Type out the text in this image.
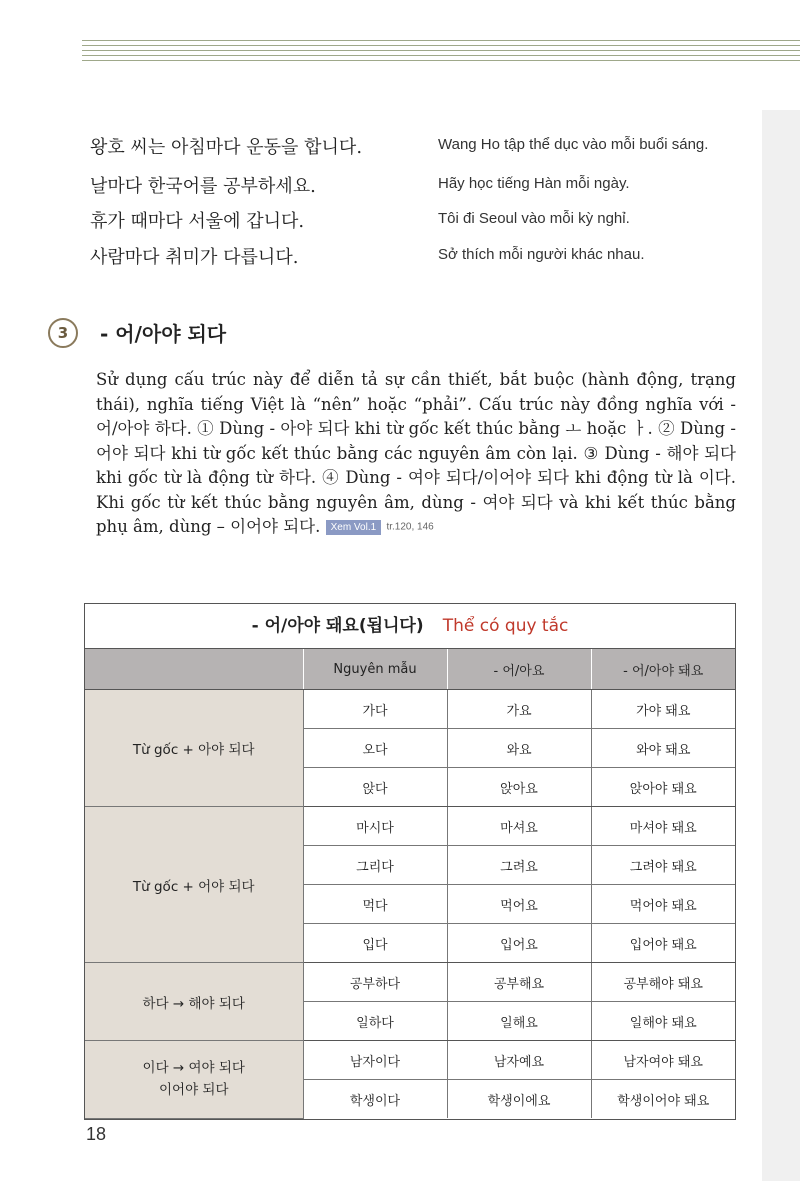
왕호 씨는 아침마다 운동을 합니다.	Wang Ho tập thể dục vào mỗi buổi sáng.
날마다 한국어를 공부하세요.	Hãy học tiếng Hàn mỗi ngày.
휴가 때마다 서울에 갑니다.	Tôi đi Seoul vào mỗi kỳ nghỉ.
사람마다 취미가 다릅니다.	Sở thích mỗi người khác nhau.
3	- 어/아야 되다
Sử dụng cấu trúc này để diễn tả sự cần thiết, bắt buộc (hành động, trạng thái), nghĩa tiếng Việt là “nên” hoặc “phải”. Cấu trúc này đồng nghĩa với - 어/아야 하다. ① Dùng - 아야 되다 khi từ gốc kết thúc bằng ㅗ hoặc ㅏ. ② Dùng - 어야 되다 khi từ gốc kết thúc bằng các nguyên âm còn lại. ③ Dùng - 해야 되다 khi gốc từ là động từ 하다. ④ Dùng - 여야 되다/이어야 되다 khi động từ là 이다. Khi gốc từ kết thúc bằng nguyên âm, dùng - 여야 되다 và khi kết thúc bằng phụ âm, dùng – 이어야 되다. Xem Vol.1 tr.120, 146
- 어/아야 돼요(됩니다) Thể có quy tắc
	Nguyên mẫu	- 어/아요	- 어/아야 돼요
Từ gốc + 아야 되다	가다	가요	가야 돼요
	오다	와요	와야 돼요
	앉다	앉아요	앉아야 돼요
Từ gốc + 어야 되다	마시다	마셔요	마셔야 돼요
	그리다	그려요	그려야 돼요
	먹다	먹어요	먹어야 돼요
	입다	입어요	입어야 돼요
하다 → 해야 되다	공부하다	공부해요	공부해야 돼요
	일하다	일해요	일해야 돼요
이다 → 여야 되다
이어야 되다	남자이다	남자예요	남자여야 돼요
	학생이다	학생이에요	학생이어야 돼요
18
